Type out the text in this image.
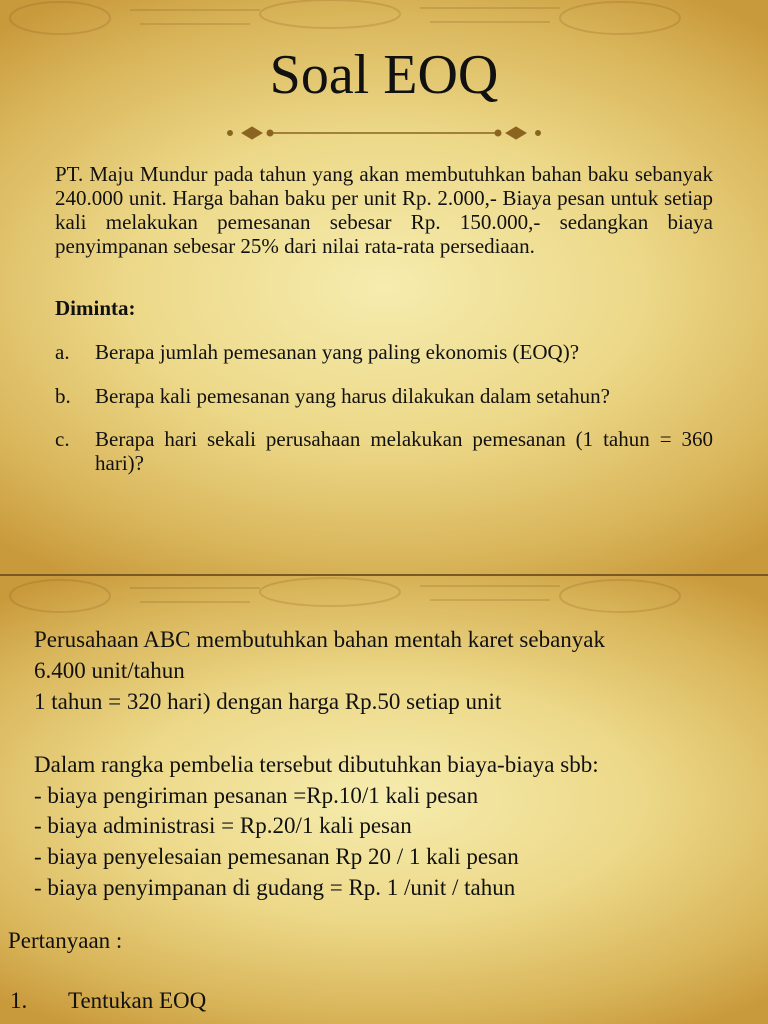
Soal EOQ
PT. Maju Mundur pada tahun yang akan membutuhkan bahan baku sebanyak 240.000 unit. Harga bahan baku per unit Rp. 2.000,- Biaya pesan untuk setiap kali melakukan pemesanan sebesar Rp. 150.000,- sedangkan biaya penyimpanan sebesar 25% dari nilai rata-rata persediaan.
Diminta:
a.	Berapa jumlah pemesanan yang paling ekonomis (EOQ)?
b.	Berapa kali pemesanan yang harus dilakukan dalam setahun?
c.	Berapa hari sekali perusahaan melakukan pemesanan (1 tahun = 360 hari)?
Perusahaan ABC membutuhkan bahan mentah karet sebanyak
6.400 unit/tahun
1 tahun = 320 hari) dengan harga Rp.50 setiap unit
Dalam rangka pembelia tersebut dibutuhkan biaya-biaya sbb:
- biaya pengiriman pesanan =Rp.10/1 kali pesan
- biaya administrasi = Rp.20/1 kali pesan
- biaya penyelesaian pemesanan Rp 20 / 1 kali pesan
- biaya penyimpanan di gudang = Rp. 1 /unit / tahun
Pertanyaan :
1. Tentukan EOQ
